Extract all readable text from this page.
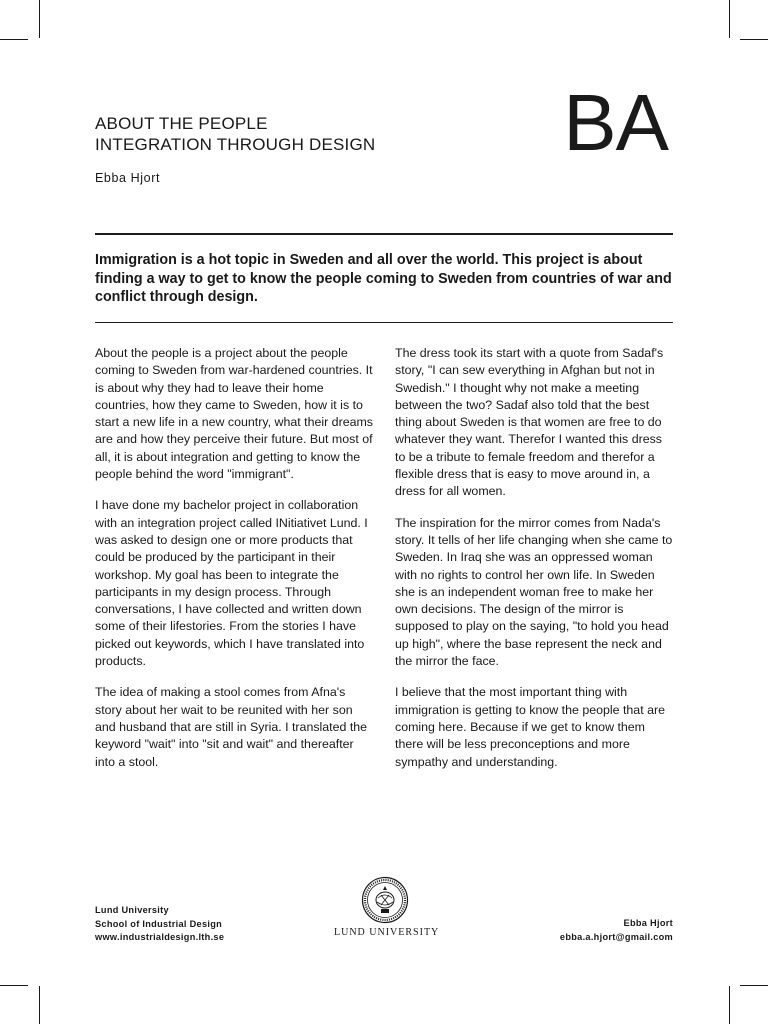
ABOUT THE PEOPLE

INTEGRATION THROUGH DESIGN

Ebba Hjort
BA

Immigration is a hot topic in Sweden and all over the world. This project is about finding a way to get to know the people coming to Sweden from countries of war and conflict through design.

About the people is a project about the people coming to Sweden from war-hardened countries. It is about why they had to leave their home countries, how they came to Sweden, how it is to start a new life in a new country, what their dreams are and how they perceive their future. But most of all, it is about integration and getting to know the people behind the word "immigrant".

I have done my bachelor project in collaboration with an integration project called INitiativet Lund. I was asked to design one or more products that could be produced by the participant in their workshop. My goal has been to integrate the participants in my design process. Through conversations, I have collected and written down some of their lifestories. From the stories I have picked out keywords, which I have translated into products.

The idea of making a stool comes from Afna's story about her wait to be reunited with her son and husband that are still in Syria. I translated the keyword "wait" into "sit and wait" and thereafter into a stool.

The dress took its start with a quote from Sadaf's story, "I can sew everything in Afghan but not in Swedish." I thought why not make a meeting between the two? Sadaf also told that the best thing about Sweden is that women are free to do whatever they want. Therefor I wanted this dress to be a tribute to female freedom and therefor a flexible dress that is easy to move around in, a dress for all women.

The inspiration for the mirror comes from Nada's story. It tells of her life changing when she came to Sweden. In Iraq she was an oppressed woman with no rights to control her own life. In Sweden she is an independent woman free to make her own decisions. The design of the mirror is supposed to play on the saying, "to hold you head up high", where the base represent the neck and the mirror the face.

I believe that the most important thing with immigration is getting to know the people that are coming here. Because if we get to know them there will be less preconceptions and more sympathy and understanding.

Lund University
School of Industrial Design
www.industrialdesign.lth.se	LUND UNIVERSITY
Ebba Hjort
ebba.a.hjort@gmail.com
